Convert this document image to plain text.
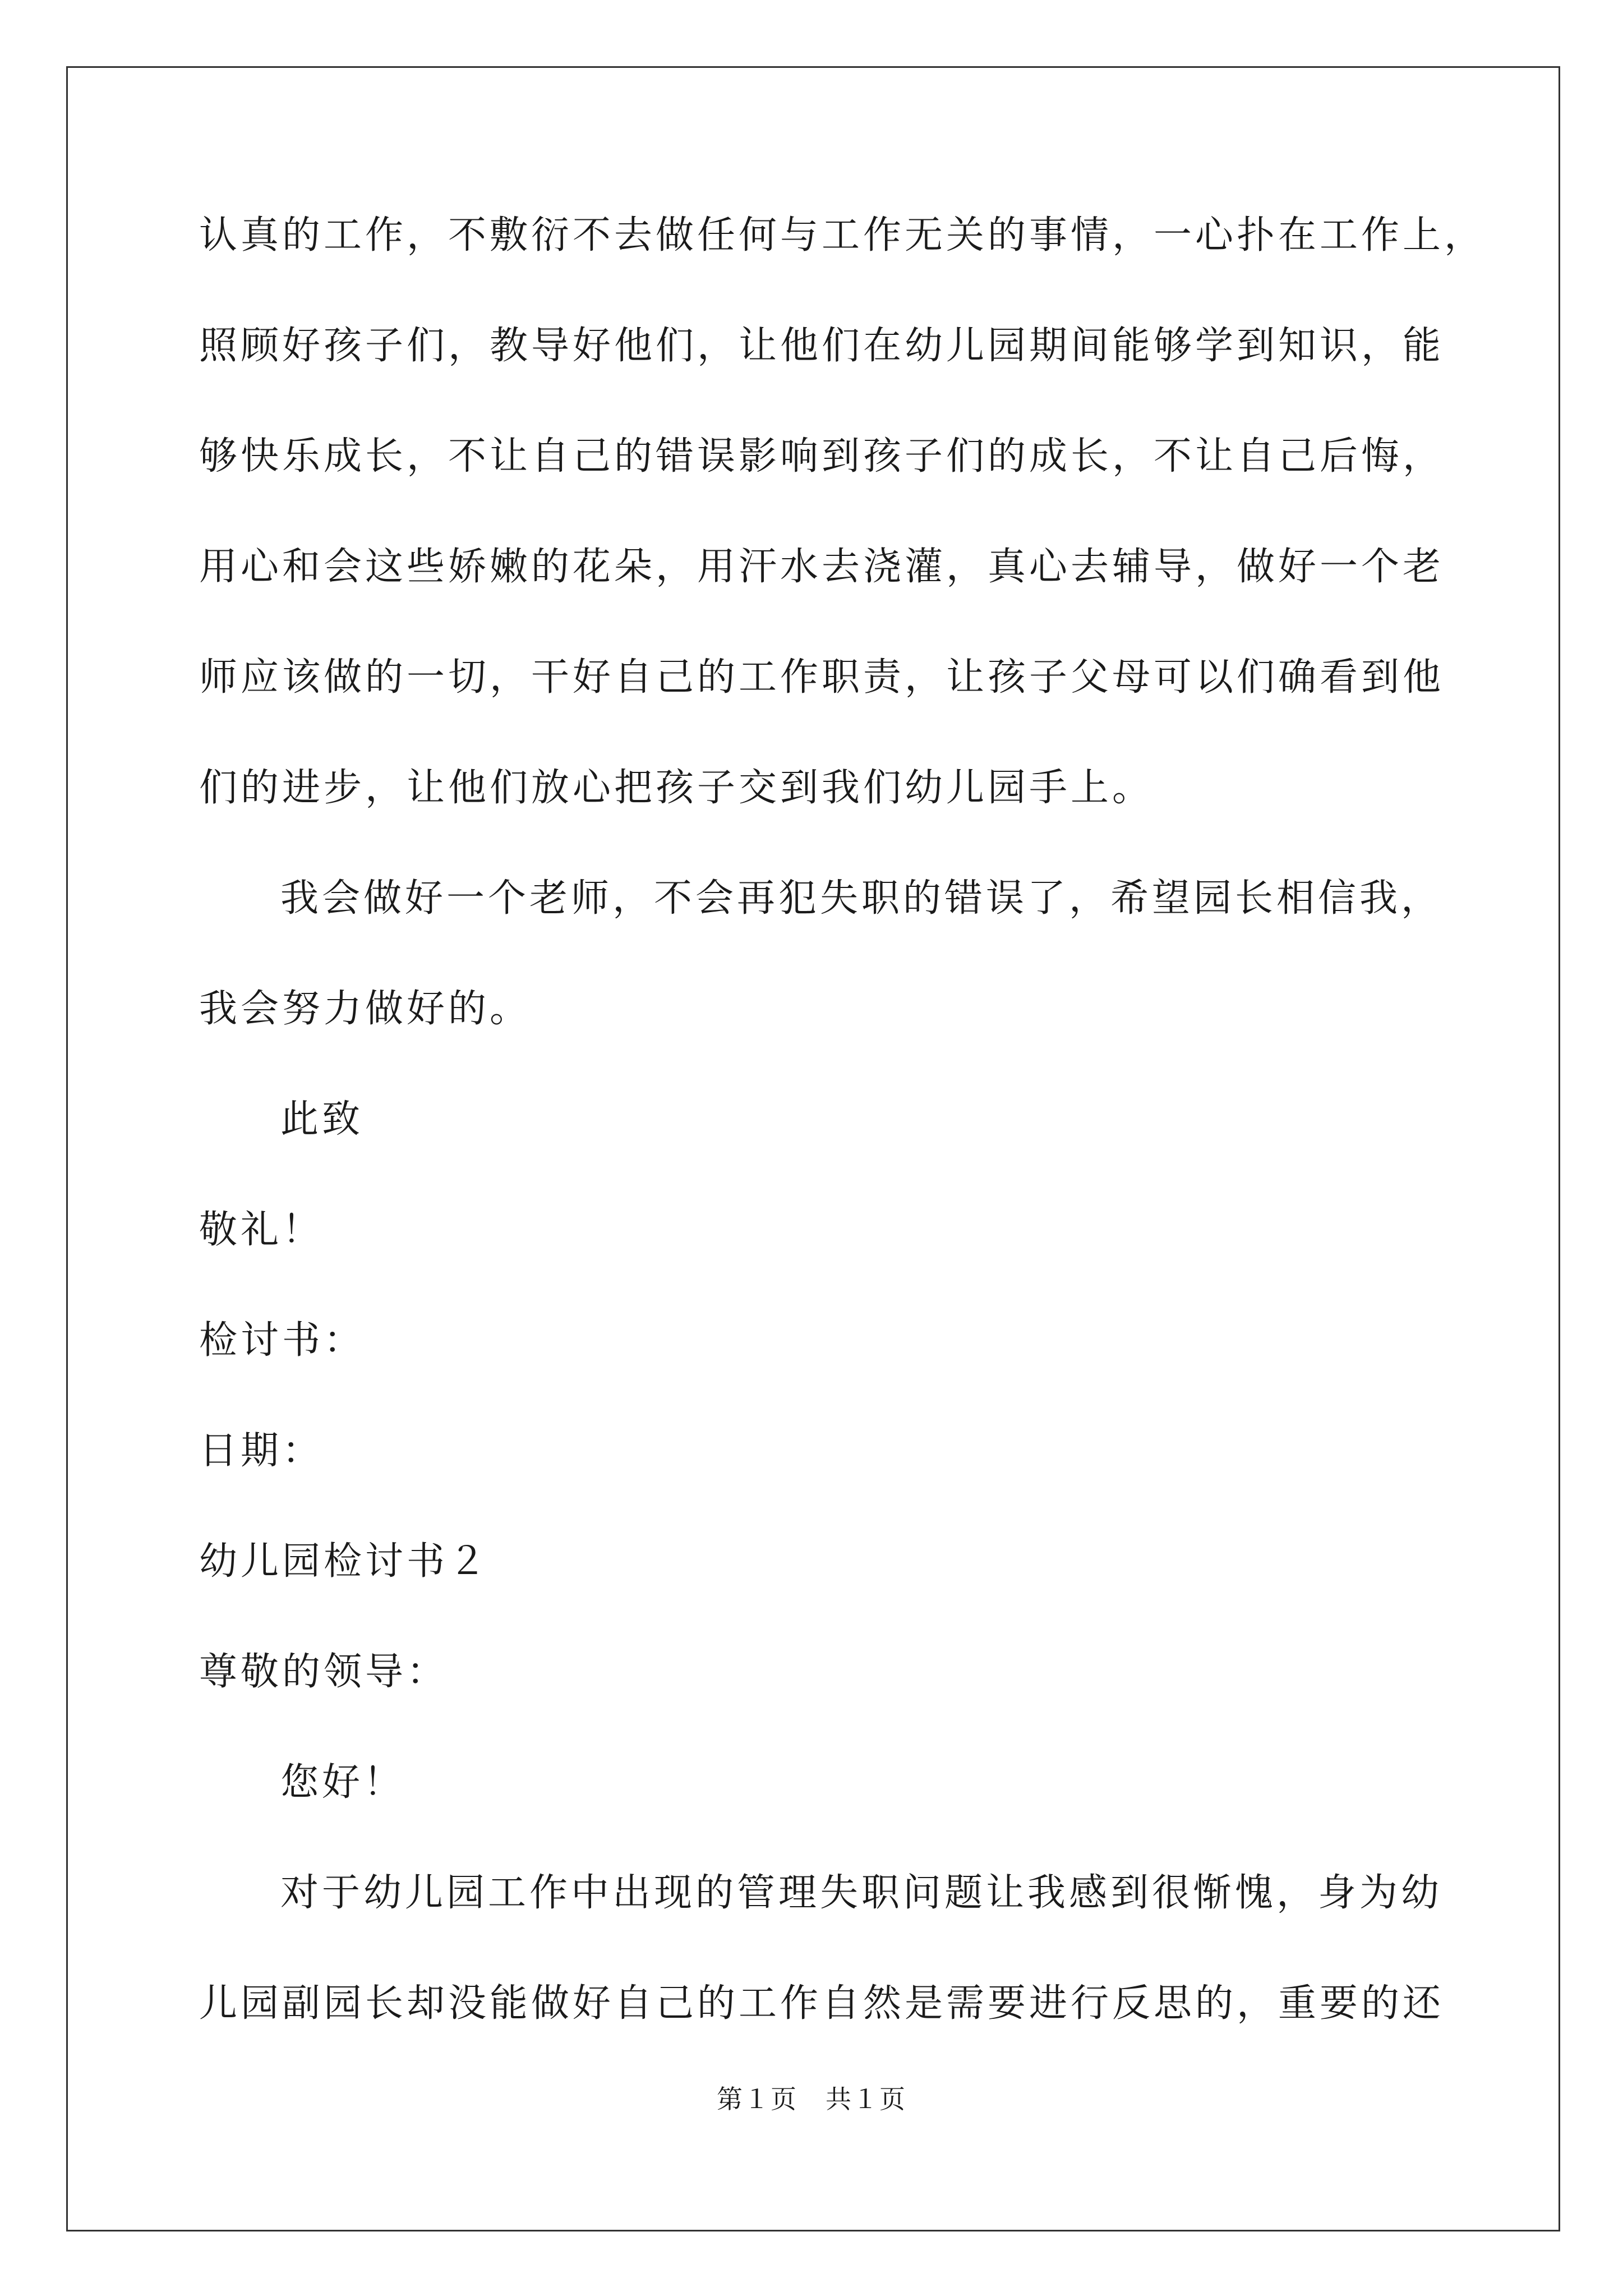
认真的工作，不敷衍不去做任何与工作无关的事情，一心扑在工作上，
照顾好孩子们，教导好他们，让他们在幼儿园期间能够学到知识，能
够快乐成长，不让自己的错误影响到孩子们的成长，不让自己后悔，
用心和会这些娇嫩的花朵，用汗水去浇灌，真心去辅导，做好一个老
师应该做的一切，干好自己的工作职责，让孩子父母可以们确看到他
们的进步，让他们放心把孩子交到我们幼儿园手上。
我会做好一个老师，不会再犯失职的错误了，希望园长相信我，
我会努力做好的。
此致
敬礼！
检讨书：
日期：
幼儿园检讨书２
尊敬的领导：
您好！
对于幼儿园工作中出现的管理失职问题让我感到很惭愧，身为幼
儿园副园长却没能做好自己的工作自然是需要进行反思的，重要的还
第１页 共１页
